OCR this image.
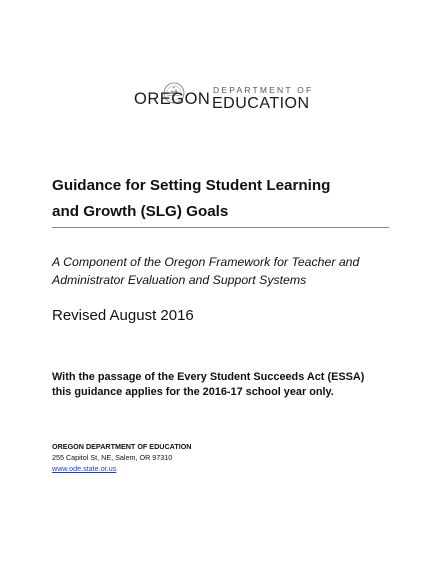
OREGON DEPARTMENT OF
EDUCATION
Guidance for Setting Student Learning
and Growth (SLG) Goals

A Component of the Oregon Framework for Teacher and
Administrator Evaluation and Support Systems

Revised August 2016

With the passage of the Every Student Succeeds Act (ESSA)
this guidance applies for the 2016-17 school year only.

OREGON DEPARTMENT OF EDUCATION
255 Capitol St, NE, Salem, OR 97310
www.ode.state.or.us
